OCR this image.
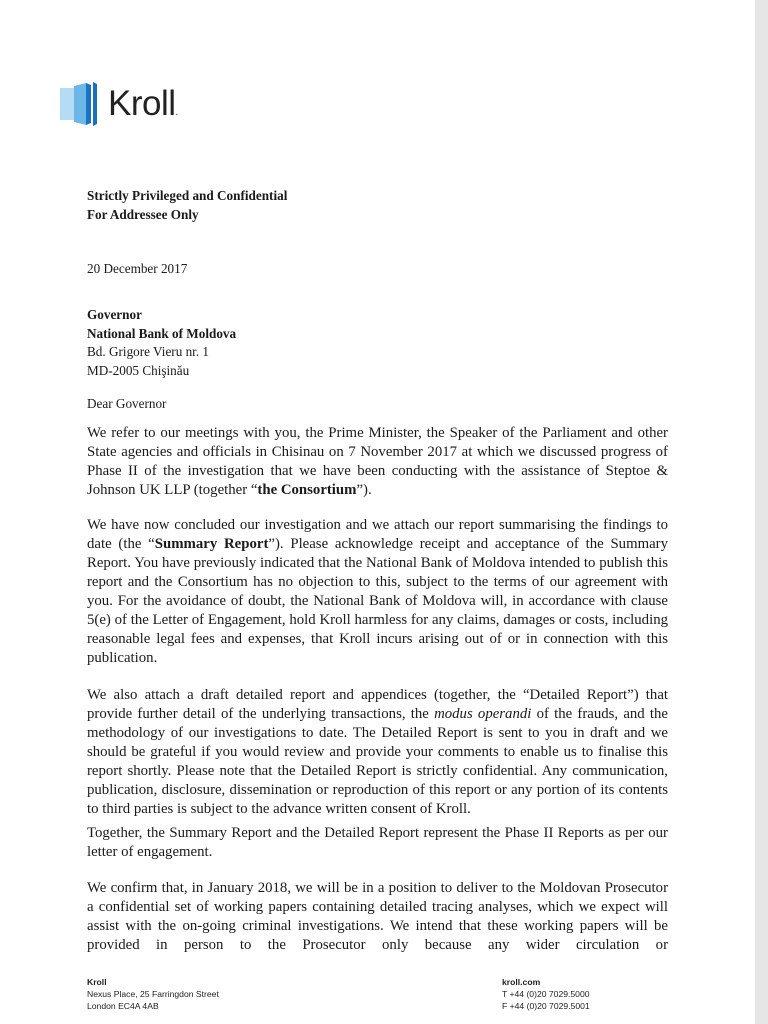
Kroll.
Strictly Privileged and Confidential
For Addressee Only
20 December 2017
Governor
National Bank of Moldova
Bd. Grigore Vieru nr. 1
MD-2005 Chişinău
Dear Governor
We refer to our meetings with you, the Prime Minister, the Speaker of the Parliament and other State agencies and officials in Chisinau on 7 November 2017 at which we discussed progress of Phase II of the investigation that we have been conducting with the assistance of Steptoe & Johnson UK LLP (together “the Consortium”).
We have now concluded our investigation and we attach our report summarising the findings to date (the “Summary Report”). Please acknowledge receipt and acceptance of the Summary Report. You have previously indicated that the National Bank of Moldova intended to publish this report and the Consortium has no objection to this, subject to the terms of our agreement with you. For the avoidance of doubt, the National Bank of Moldova will, in accordance with clause 5(e) of the Letter of Engagement, hold Kroll harmless for any claims, damages or costs, including reasonable legal fees and expenses, that Kroll incurs arising out of or in connection with this publication.
We also attach a draft detailed report and appendices (together, the “Detailed Report”) that provide further detail of the underlying transactions, the modus operandi of the frauds, and the methodology of our investigations to date. The Detailed Report is sent to you in draft and we should be grateful if you would review and provide your comments to enable us to finalise this report shortly. Please note that the Detailed Report is strictly confidential. Any communication, publication, disclosure, dissemination or reproduction of this report or any portion of its contents to third parties is subject to the advance written consent of Kroll.
Together, the Summary Report and the Detailed Report represent the Phase II Reports as per our letter of engagement.
We confirm that, in January 2018, we will be in a position to deliver to the Moldovan Prosecutor a confidential set of working papers containing detailed tracing analyses, which we expect will assist with the on-going criminal investigations. We intend that these working papers will be provided in person to the Prosecutor only because any wider circulation or
Kroll
Nexus Place, 25 Farringdon Street
London EC4A 4AB
kroll.com
T +44 (0)20 7029.5000
F +44 (0)20 7029.5001
